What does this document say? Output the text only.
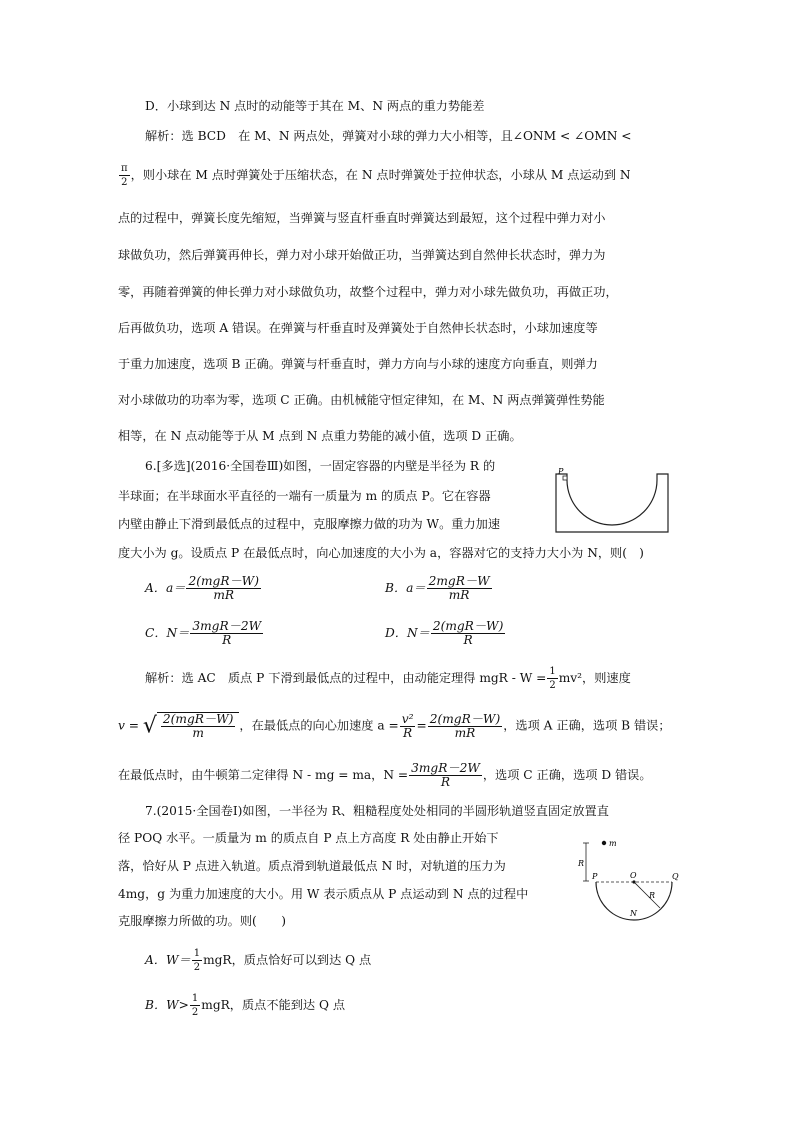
D．小球到达 N 点时的动能等于其在 M、N 两点的重力势能差
解析：选 BCD　在 M、N 两点处，弹簧对小球的弹力大小相等，且∠ONM < ∠OMN <
$\frac{\pi}{2}$ ，则小球在 M 点时弹簧处于压缩状态，在 N 点时弹簧处于拉伸状态，小球从 M 点运动到 N
点的过程中，弹簧长度先缩短，当弹簧与竖直杆垂直时弹簧达到最短，这个过程中弹力对小
球做负功，然后弹簧再伸长，弹力对小球开始做正功，当弹簧达到自然伸长状态时，弹力为
零，再随着弹簧的伸长弹力对小球做负功，故整个过程中，弹力对小球先做负功，再做正功，
后再做负功，选项 A 错误。在弹簧与杆垂直时及弹簧处于自然伸长状态时，小球加速度等
于重力加速度，选项 B 正确。弹簧与杆垂直时，弹力方向与小球的速度方向垂直，则弹力
对小球做功的功率为零，选项 C 正确。由机械能守恒定律知，在 M、N 两点弹簧弹性势能
相等，在 N 点动能等于从 M 点到 N 点重力势能的减小值，选项 D 正确。
6.[多选](2016·全国卷Ⅲ)如图，一固定容器的内壁是半径为 R 的
半球面；在半球面水平直径的一端有一质量为 m 的质点 P。它在容器
内壁由静止下滑到最低点的过程中，克服摩擦力做的功为 W。重力加速
度大小为 g。设质点 P 在最低点时，向心加速度的大小为 a，容器对它的支持力大小为 N，则(　)
P
A．$a= \frac{\text{2(mgR－W)}}{mR}$	B．$a= \frac{\text{2mgR－W}}{mR}$
C．$N= \frac{\text{3mgR－2W}}{R}$	D．$N= \frac{\text{2(mgR－W)}}{R}$
解析：选 AC　质点 P 下滑到最低点的过程中，由动能定理得 mgR - $W = \frac{1}{2} mv^2$，则速度
v = √ $\frac{\text{2(mgR－W)}}{m}$ ，在最低点的向心加速度 $a = \frac{\text{v²}}{R} = \frac{\text{2(mgR－W)}}{mR}$ ，选项 A 正确，选项 B 错误；
在最低点时，由牛顿第二定律得 N - mg = ma，$N = \frac{\text{3mgR－2W}}{R}$ ，选项 C 正确，选项 D 错误。
7.(2015·全国卷Ⅰ)如图，一半径为 R、粗糙程度处处相同的半圆形轨道竖直固定放置直
径 POQ 水平。一质量为 m 的质点自 P 点上方高度 R 处由静止开始下
落，恰好从 P 点进入轨道。质点滑到轨道最低点 N 时，对轨道的压力为
4mg，g 为重力加速度的大小。用 W 表示质点从 P 点运动到 N 点的过程中
克服摩擦力所做的功。则(　　)
m
R
P	O	Q
R
N
A．$W= \frac{1}{2}$ mgR，质点恰好可以到达 Q 点
B．$W> \frac{1}{2}$ mgR，质点不能到达 Q 点
